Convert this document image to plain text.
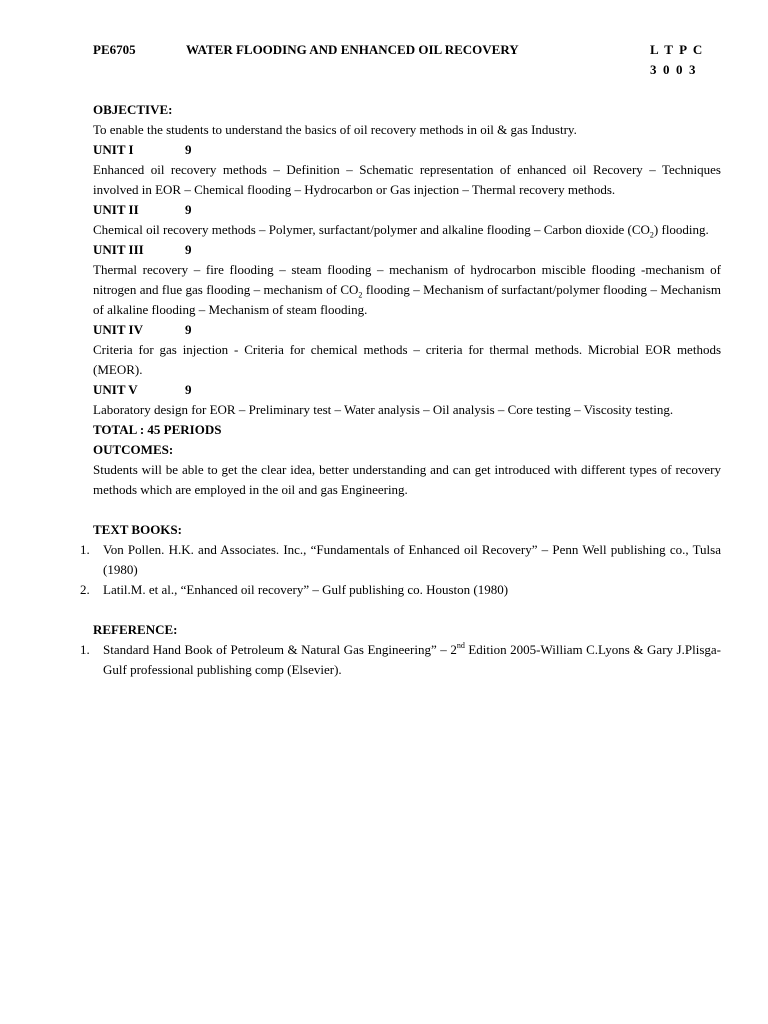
PE6705	WATER FLOODING AND ENHANCED OIL RECOVERY	L  T  P  C
3  0  0  3
OBJECTIVE:
To enable the students to understand the basics of oil recovery methods in oil & gas Industry.
UNIT I	9
Enhanced oil recovery methods – Definition – Schematic representation of enhanced oil Recovery – Techniques involved in EOR – Chemical flooding – Hydrocarbon or Gas injection – Thermal recovery methods.
UNIT II	9
Chemical oil recovery methods – Polymer, surfactant/polymer and alkaline flooding – Carbon dioxide $(CO_2)$ flooding.
UNIT III	9
Thermal recovery – fire flooding – steam flooding – mechanism of hydrocarbon miscible flooding -mechanism of nitrogen and flue gas flooding – mechanism of $CO_2$ flooding – Mechanism of surfactant/polymer flooding – Mechanism of alkaline flooding – Mechanism of steam flooding.
UNIT IV	9
Criteria for gas injection - Criteria for chemical methods – criteria for thermal methods. Microbial EOR methods (MEOR).
UNIT V	9
Laboratory design for EOR – Preliminary test – Water analysis – Oil analysis – Core testing – Viscosity testing.
TOTAL : 45 PERIODS
OUTCOMES:
Students will be able to get the clear idea, better understanding and can get introduced with different types of recovery methods which are employed in the oil and gas Engineering.
TEXT BOOKS:
1. Von Pollen. H.K. and Associates. Inc., “Fundamentals of Enhanced oil Recovery” – Penn Well publishing co., Tulsa (1980)
2. Latil.M. et al., “Enhanced oil recovery” – Gulf publishing co. Houston (1980)
REFERENCE:
1. Standard Hand Book of Petroleum & Natural Gas Engineering” – 2nd Edition 2005-William C.Lyons & Gary J.Plisga-Gulf professional publishing comp (Elsevier).
